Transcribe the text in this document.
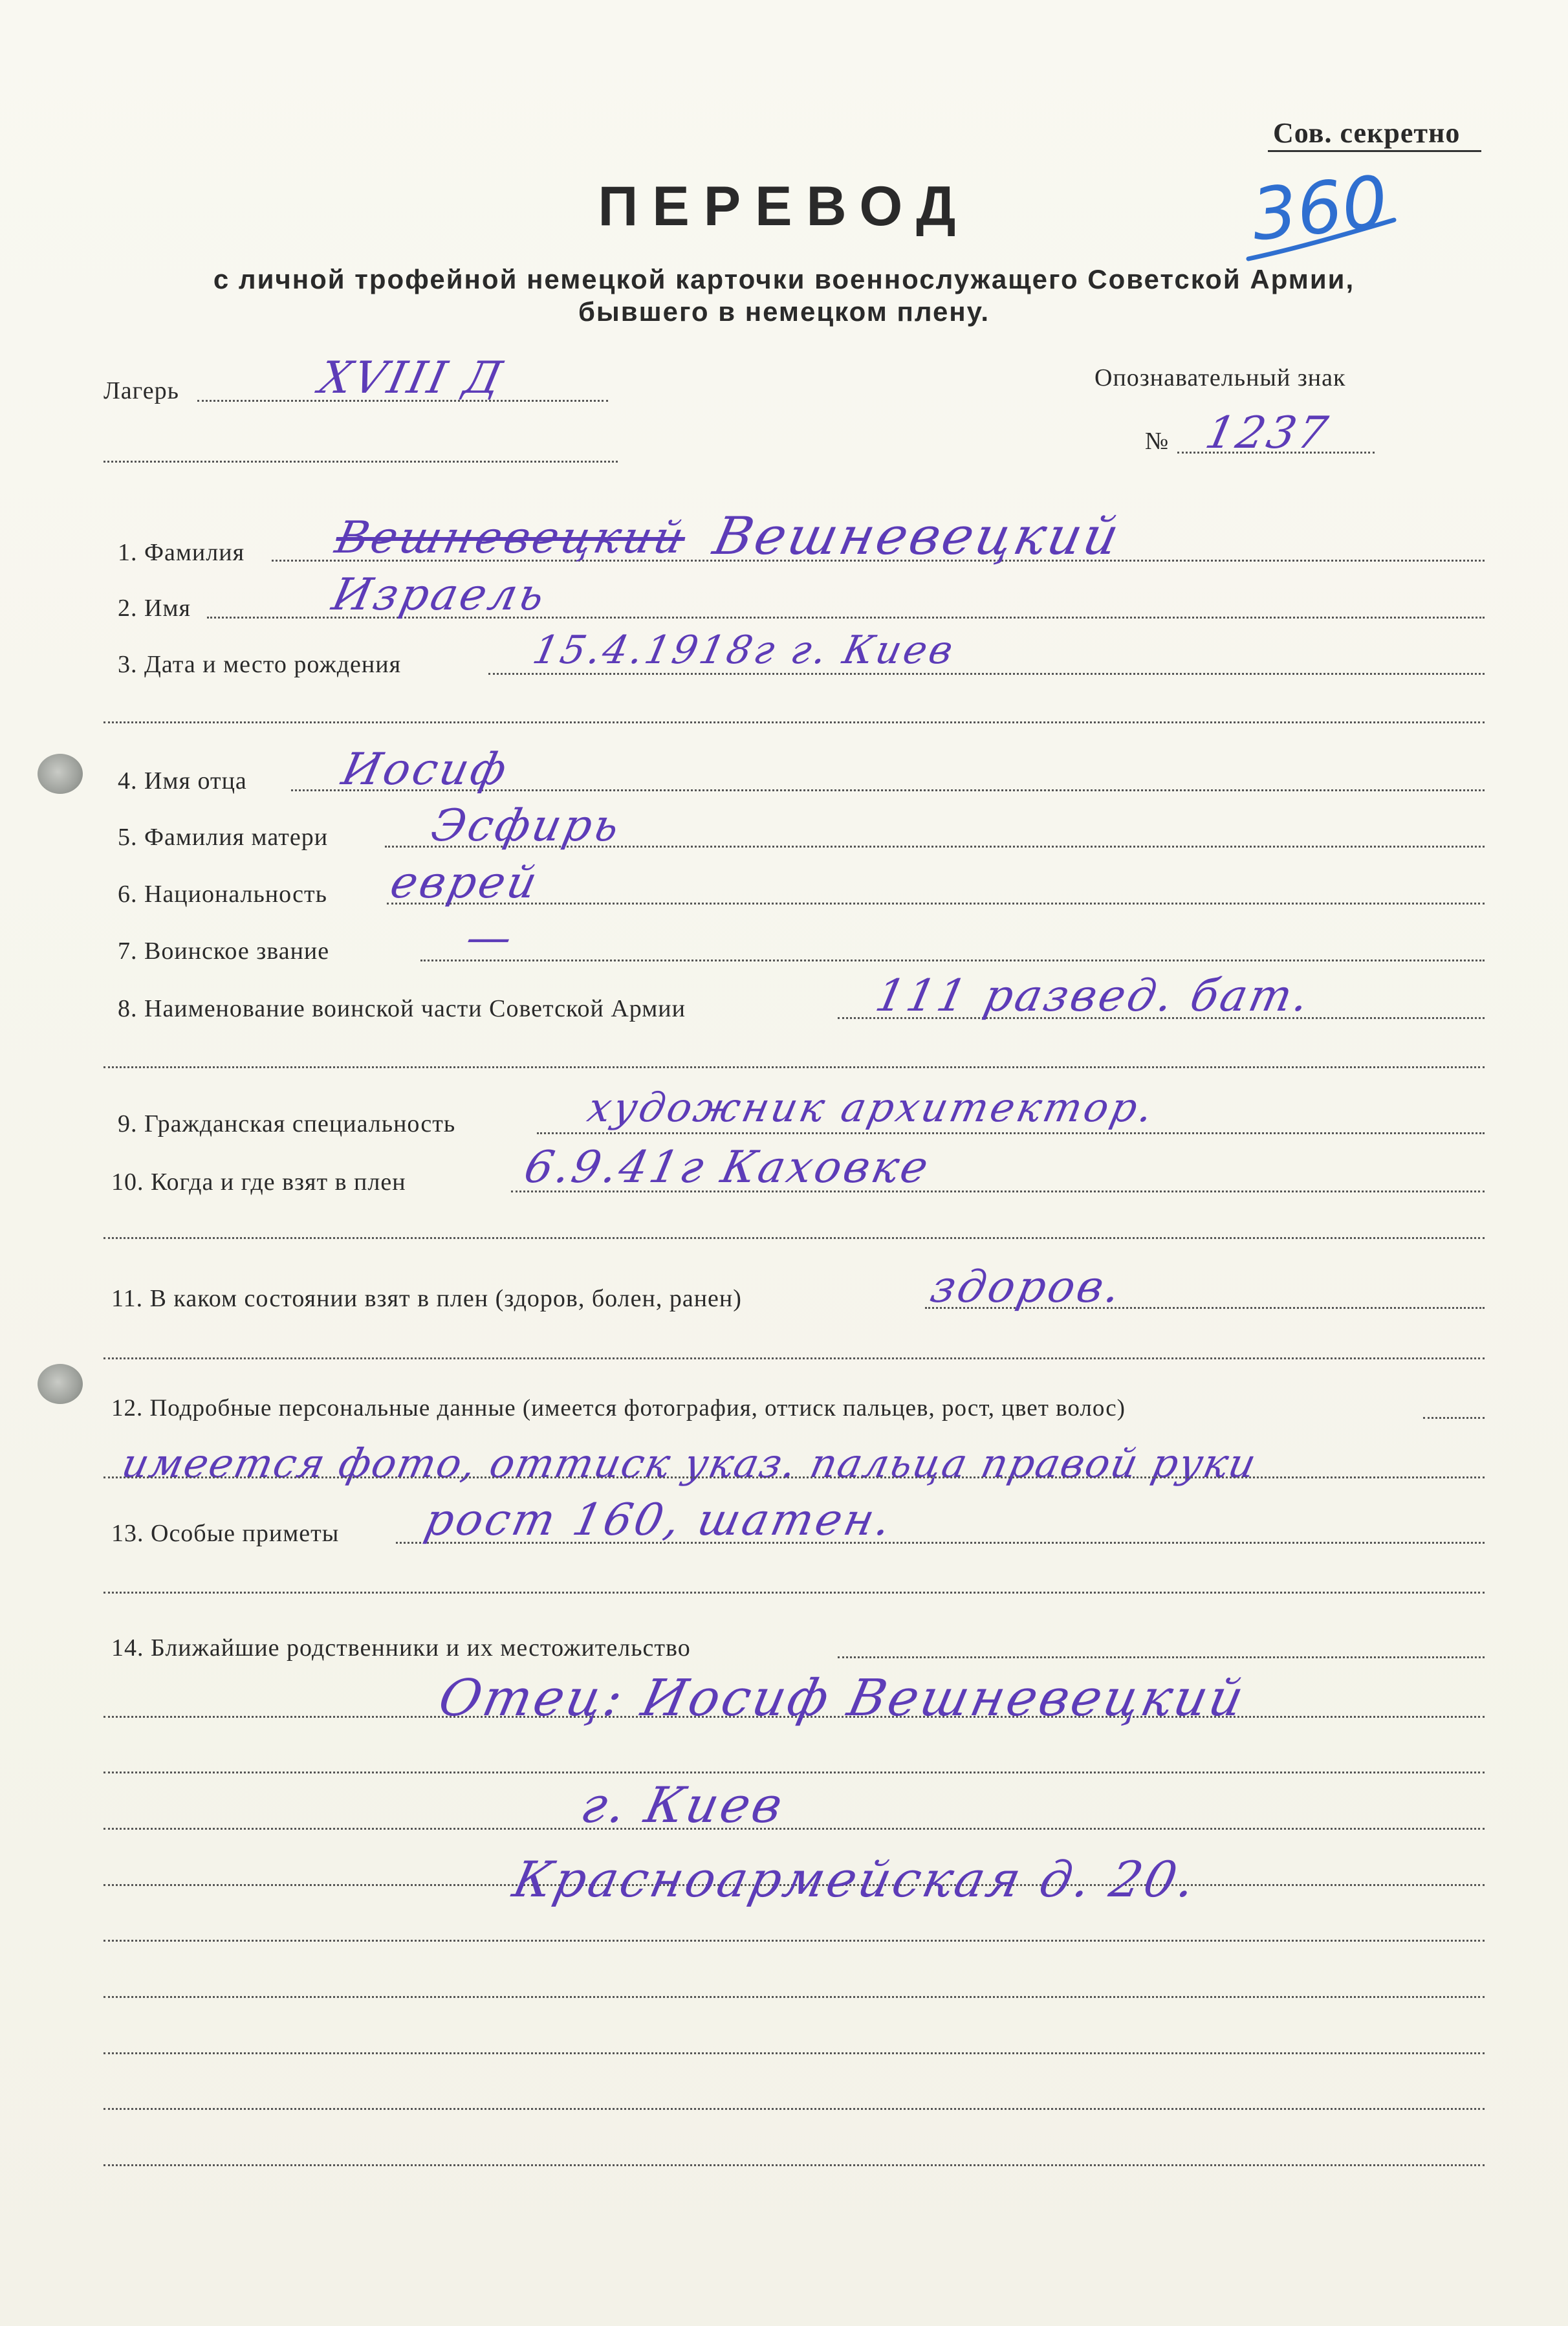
Сов. секретно
360
ПЕРЕВОД
с личной трофейной немецкой карточки военнослужащего Советской Армии,
бывшего в немецком плену.
Лагерь	XVIII Д	Опознавательный знак
№ 1237
1. Фамилия Вешневецкий Вешневецкий
2. Имя	Израель
3. Дата и место рождения	15.4.1918г г. Киев
4. Имя отца Иосиф
5. Фамилия матери Эсфирь
6. Национальность еврей
7. Воинское звание	—
8. Наименование воинской части Советской Армии	111 развед. бат.
9. Гражданская специальность	художник архитектор.
10. Когда и где взят в плен	6.9.41г Каховке
11. В каком состоянии взят в плен (здоров, болен, ранен)	здоров.
12. Подробные персональные данные (имеется фотография, оттиск пальцев, рост, цвет волос)
имеется фото, оттиск указ. пальца правой руки
13. Особые приметы рост 160, шатен.
14. Ближайшие родственники и их местожительство
Отец: Иосиф Вешневецкий
г. Киев
Красноармейская д. 20.
